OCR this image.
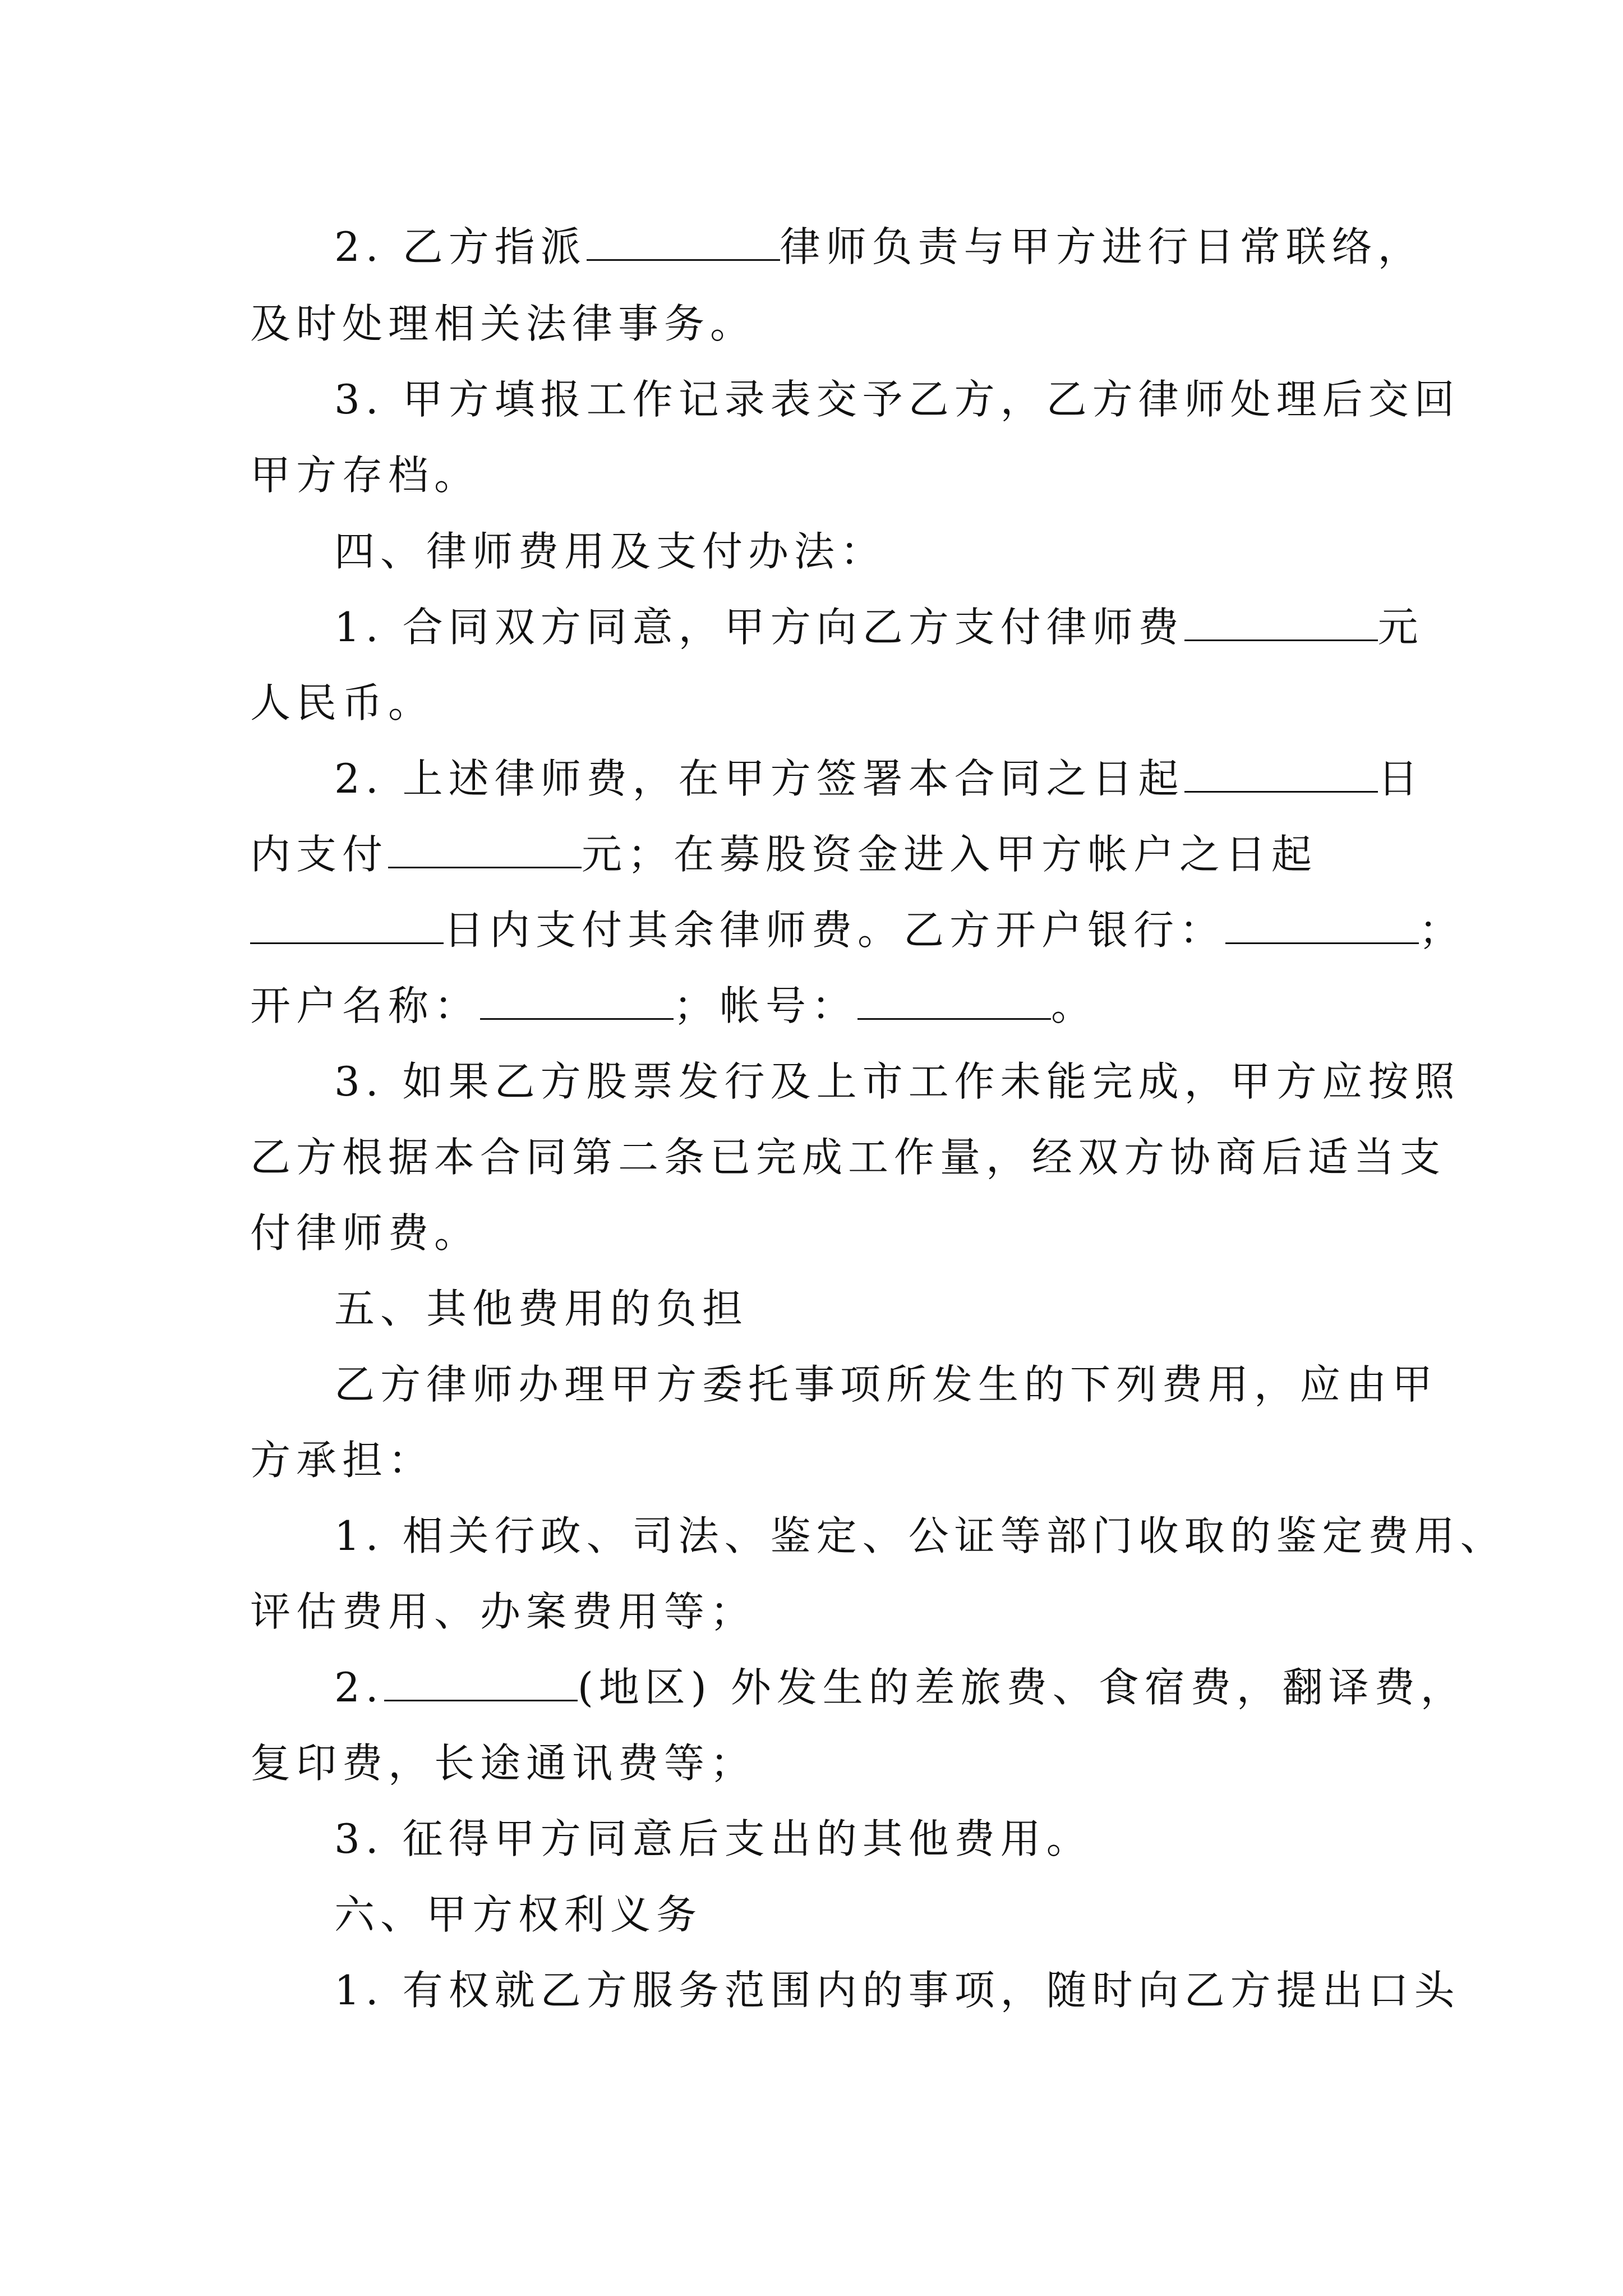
2. 乙方指派	律师负责与甲方进行日常联络，
及时处理相关法律事务。
3. 甲方填报工作记录表交予乙方，乙方律师处理后交回
甲方存档。
四、律师费用及支付办法：
1. 合同双方同意，甲方向乙方支付律师费	元
人民币。
2. 上述律师费，在甲方签署本合同之日起	日
内支付	元；在募股资金进入甲方帐户之日起
日内支付其余律师费。乙方开户银行：	；
开户名称：	；帐号：	。
3. 如果乙方股票发行及上市工作未能完成，甲方应按照
乙方根据本合同第二条已完成工作量，经双方协商后适当支
付律师费。
五、其他费用的负担
乙方律师办理甲方委托事项所发生的下列费用，应由甲
方承担：
1. 相关行政、司法、鉴定、公证等部门收取的鉴定费用、
评估费用、办案费用等；
2.	(地区) 外发生的差旅费、食宿费，翻译费，
复印费，长途通讯费等；
3. 征得甲方同意后支出的其他费用。
六、甲方权利义务
1. 有权就乙方服务范围内的事项，随时向乙方提出口头
